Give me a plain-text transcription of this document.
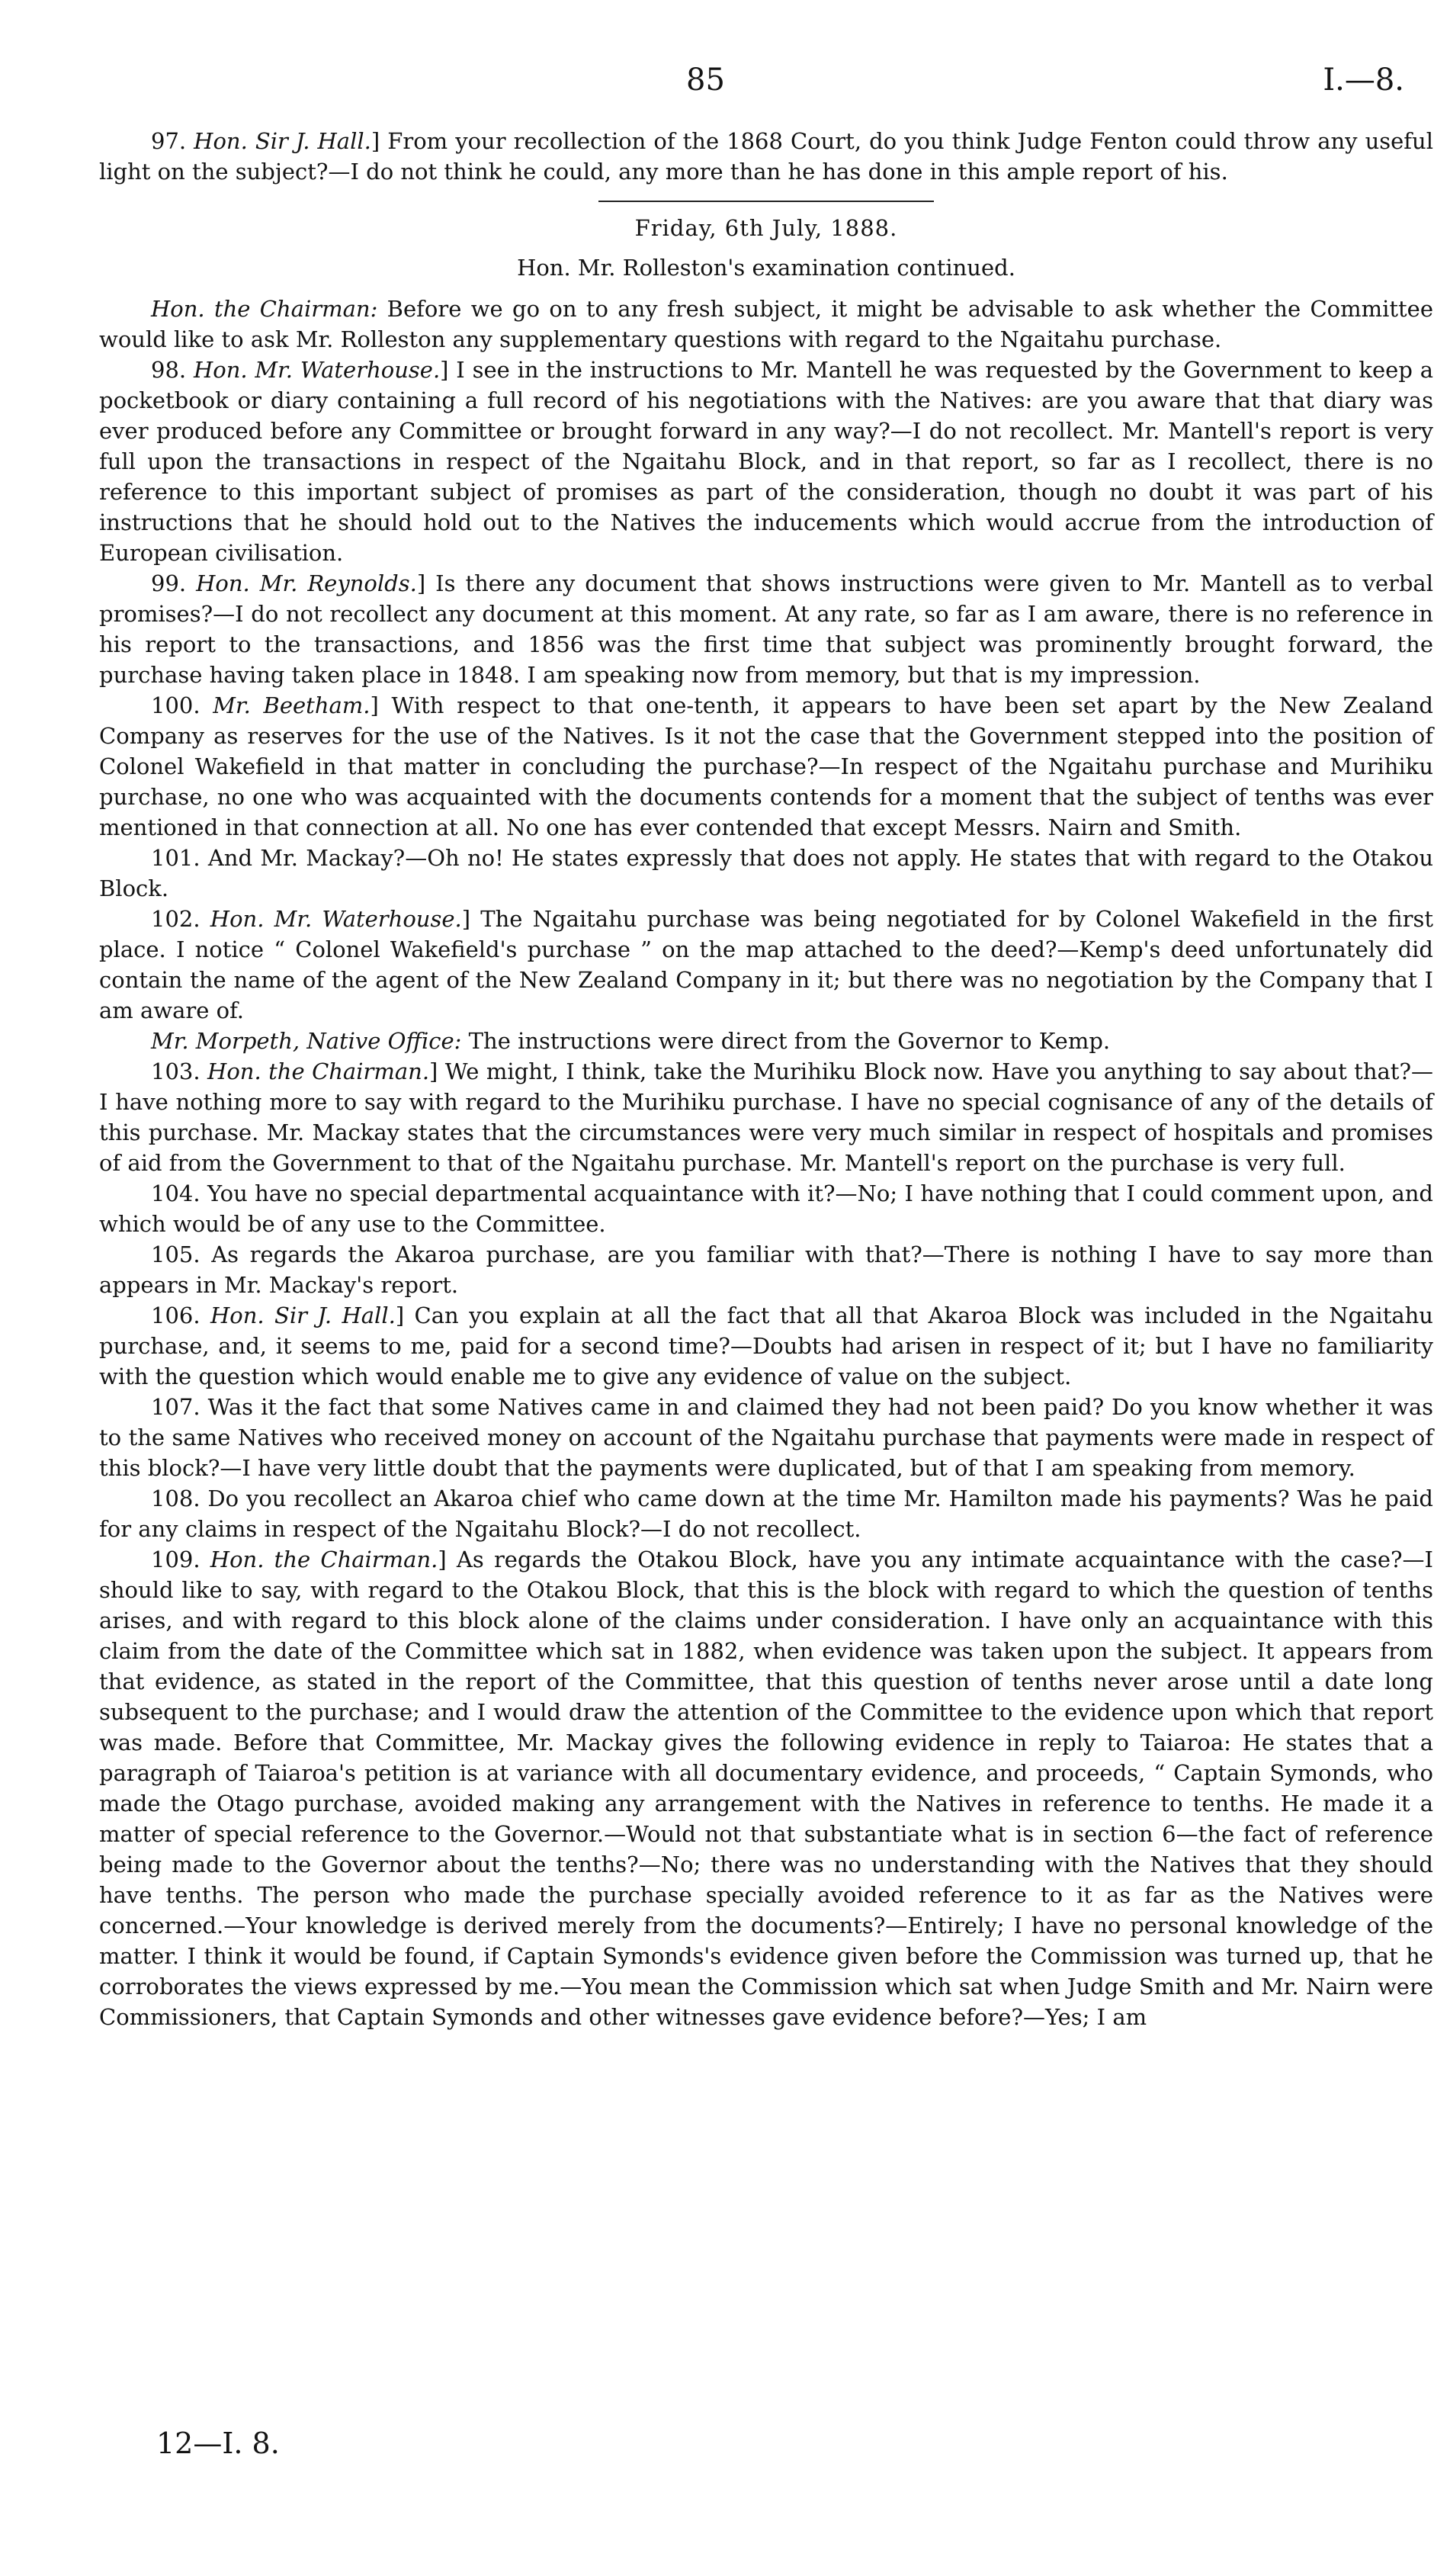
85	I.—8.

97. Hon. Sir J. Hall.] From your recollection of the 1868 Court, do you think Judge Fenton could throw any useful light on the subject?—I do not think he could, any more than he has done in this ample report of his.

Friday, 6th July, 1888.

Hon. Mr. Rolleston's examination continued.

Hon. the Chairman: Before we go on to any fresh subject, it might be advisable to ask whether the Committee would like to ask Mr. Rolleston any supplementary questions with regard to the Ngaitahu purchase.

98. Hon. Mr. Waterhouse.] I see in the instructions to Mr. Mantell he was requested by the Government to keep a pocketbook or diary containing a full record of his negotiations with the Natives: are you aware that that diary was ever produced before any Committee or brought forward in any way?—I do not recollect. Mr. Mantell's report is very full upon the transactions in respect of the Ngaitahu Block, and in that report, so far as I recollect, there is no reference to this important subject of promises as part of the consideration, though no doubt it was part of his instructions that he should hold out to the Natives the inducements which would accrue from the introduction of European civilisation.

99. Hon. Mr. Reynolds.] Is there any document that shows instructions were given to Mr. Mantell as to verbal promises?—I do not recollect any document at this moment. At any rate, so far as I am aware, there is no reference in his report to the transactions, and 1856 was the first time that subject was prominently brought forward, the purchase having taken place in 1848. I am speaking now from memory, but that is my impression.

100. Mr. Beetham.] With respect to that one-tenth, it appears to have been set apart by the New Zealand Company as reserves for the use of the Natives. Is it not the case that the Government stepped into the position of Colonel Wakefield in that matter in concluding the purchase?—In respect of the Ngaitahu purchase and Murihiku purchase, no one who was acquainted with the documents contends for a moment that the subject of tenths was ever mentioned in that connection at all. No one has ever contended that except Messrs. Nairn and Smith.

101. And Mr. Mackay?—Oh no! He states expressly that does not apply. He states that with regard to the Otakou Block.

102. Hon. Mr. Waterhouse.] The Ngaitahu purchase was being negotiated for by Colonel Wakefield in the first place. I notice “ Colonel Wakefield's purchase ” on the map attached to the deed?—Kemp's deed unfortunately did contain the name of the agent of the New Zealand Company in it; but there was no negotiation by the Company that I am aware of.

Mr. Morpeth, Native Office: The instructions were direct from the Governor to Kemp.

103. Hon. the Chairman.] We might, I think, take the Murihiku Block now. Have you anything to say about that?—I have nothing more to say with regard to the Murihiku purchase. I have no special cognisance of any of the details of this purchase. Mr. Mackay states that the circumstances were very much similar in respect of hospitals and promises of aid from the Government to that of the Ngaitahu purchase. Mr. Mantell's report on the purchase is very full.

104. You have no special departmental acquaintance with it?—No; I have nothing that I could comment upon, and which would be of any use to the Committee.

105. As regards the Akaroa purchase, are you familiar with that?—There is nothing I have to say more than appears in Mr. Mackay's report.

106. Hon. Sir J. Hall.] Can you explain at all the fact that all that Akaroa Block was included in the Ngaitahu purchase, and, it seems to me, paid for a second time?—Doubts had arisen in respect of it; but I have no familiarity with the question which would enable me to give any evidence of value on the subject.

107. Was it the fact that some Natives came in and claimed they had not been paid? Do you know whether it was to the same Natives who received money on account of the Ngaitahu purchase that payments were made in respect of this block?—I have very little doubt that the payments were duplicated, but of that I am speaking from memory.

108. Do you recollect an Akaroa chief who came down at the time Mr. Hamilton made his payments? Was he paid for any claims in respect of the Ngaitahu Block?—I do not recollect.

109. Hon. the Chairman.] As regards the Otakou Block, have you any intimate acquaintance with the case?—I should like to say, with regard to the Otakou Block, that this is the block with regard to which the question of tenths arises, and with regard to this block alone of the claims under consideration. I have only an acquaintance with this claim from the date of the Committee which sat in 1882, when evidence was taken upon the subject. It appears from that evidence, as stated in the report of the Committee, that this question of tenths never arose until a date long subsequent to the purchase; and I would draw the attention of the Committee to the evidence upon which that report was made. Before that Committee, Mr. Mackay gives the following evidence in reply to Taiaroa: He states that a paragraph of Taiaroa's petition is at variance with all documentary evidence, and proceeds, “ Captain Symonds, who made the Otago purchase, avoided making any arrangement with the Natives in reference to tenths. He made it a matter of special reference to the Governor.—Would not that substantiate what is in section 6—the fact of reference being made to the Governor about the tenths?—No; there was no understanding with the Natives that they should have tenths. The person who made the purchase specially avoided reference to it as far as the Natives were concerned.—Your knowledge is derived merely from the documents?—Entirely; I have no personal knowledge of the matter. I think it would be found, if Captain Symonds's evidence given before the Commission was turned up, that he corroborates the views expressed by me.—You mean the Commission which sat when Judge Smith and Mr. Nairn were Commissioners, that Captain Symonds and other witnesses gave evidence before?—Yes; I am

12—I. 8.
